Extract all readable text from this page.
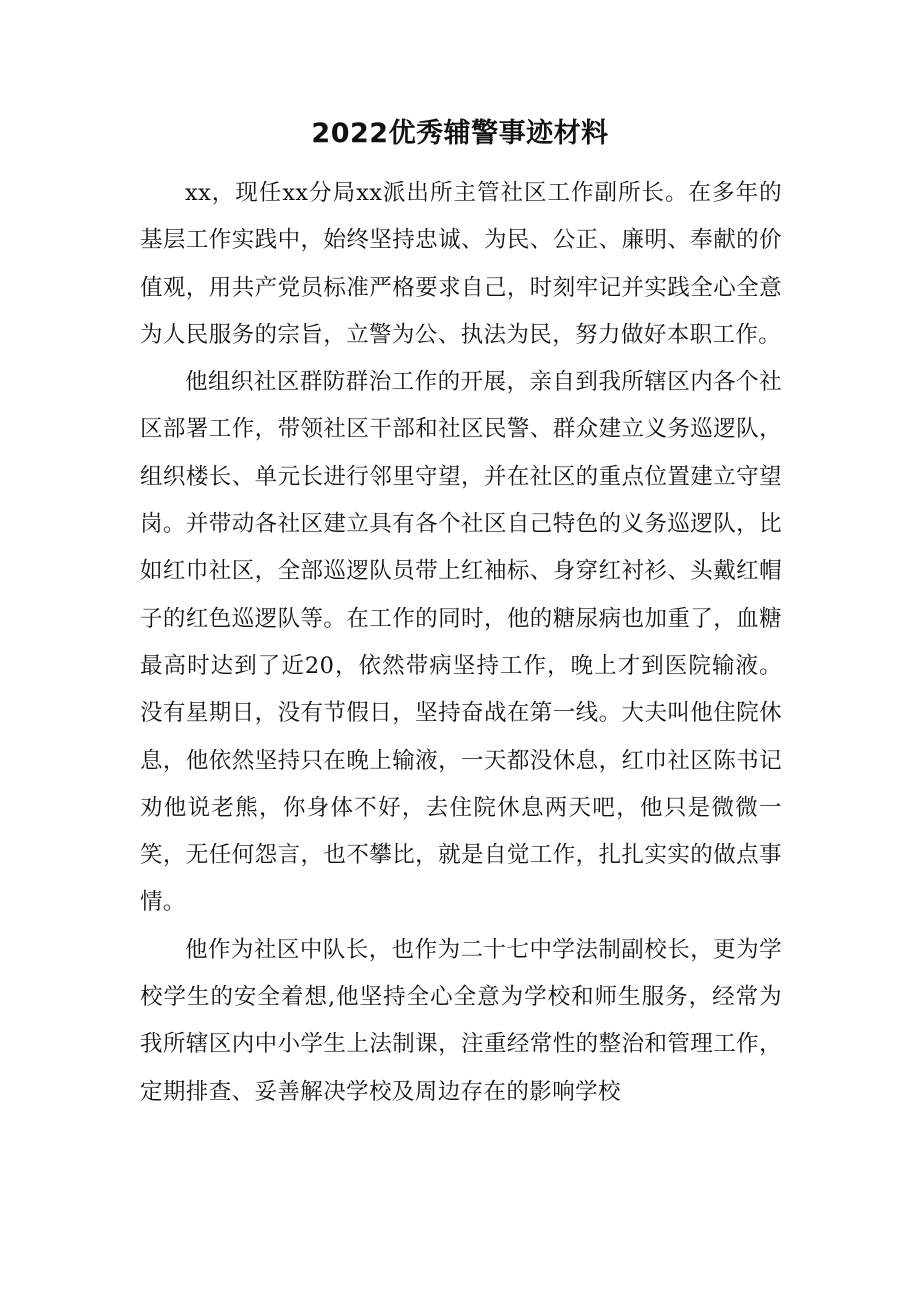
2022优秀辅警事迹材料

xx，现任xx分局xx派出所主管社区工作副所长。在多年的基层工作实践中，始终坚持忠诚、为民、公正、廉明、奉献的价值观，用共产党员标准严格要求自己，时刻牢记并实践全心全意为人民服务的宗旨，立警为公、执法为民，努力做好本职工作。

他组织社区群防群治工作的开展，亲自到我所辖区内各个社区部署工作，带领社区干部和社区民警、群众建立义务巡逻队，组织楼长、单元长进行邻里守望，并在社区的重点位置建立守望岗。并带动各社区建立具有各个社区自己特色的义务巡逻队，比如红巾社区，全部巡逻队员带上红袖标、身穿红衬衫、头戴红帽子的红色巡逻队等。在工作的同时，他的糖尿病也加重了，血糖最高时达到了近20，依然带病坚持工作，晚上才到医院输液。没有星期日，没有节假日，坚持奋战在第一线。大夫叫他住院休息，他依然坚持只在晚上输液，一天都没休息，红巾社区陈书记劝他说老熊，你身体不好，去住院休息两天吧，他只是微微一笑，无任何怨言，也不攀比，就是自觉工作，扎扎实实的做点事情。

他作为社区中队长，也作为二十七中学法制副校长，更为学校学生的安全着想,他坚持全心全意为学校和师生服务，经常为我所辖区内中小学生上法制课，注重经常性的整治和管理工作，定期排查、妥善解决学校及周边存在的影响学校
